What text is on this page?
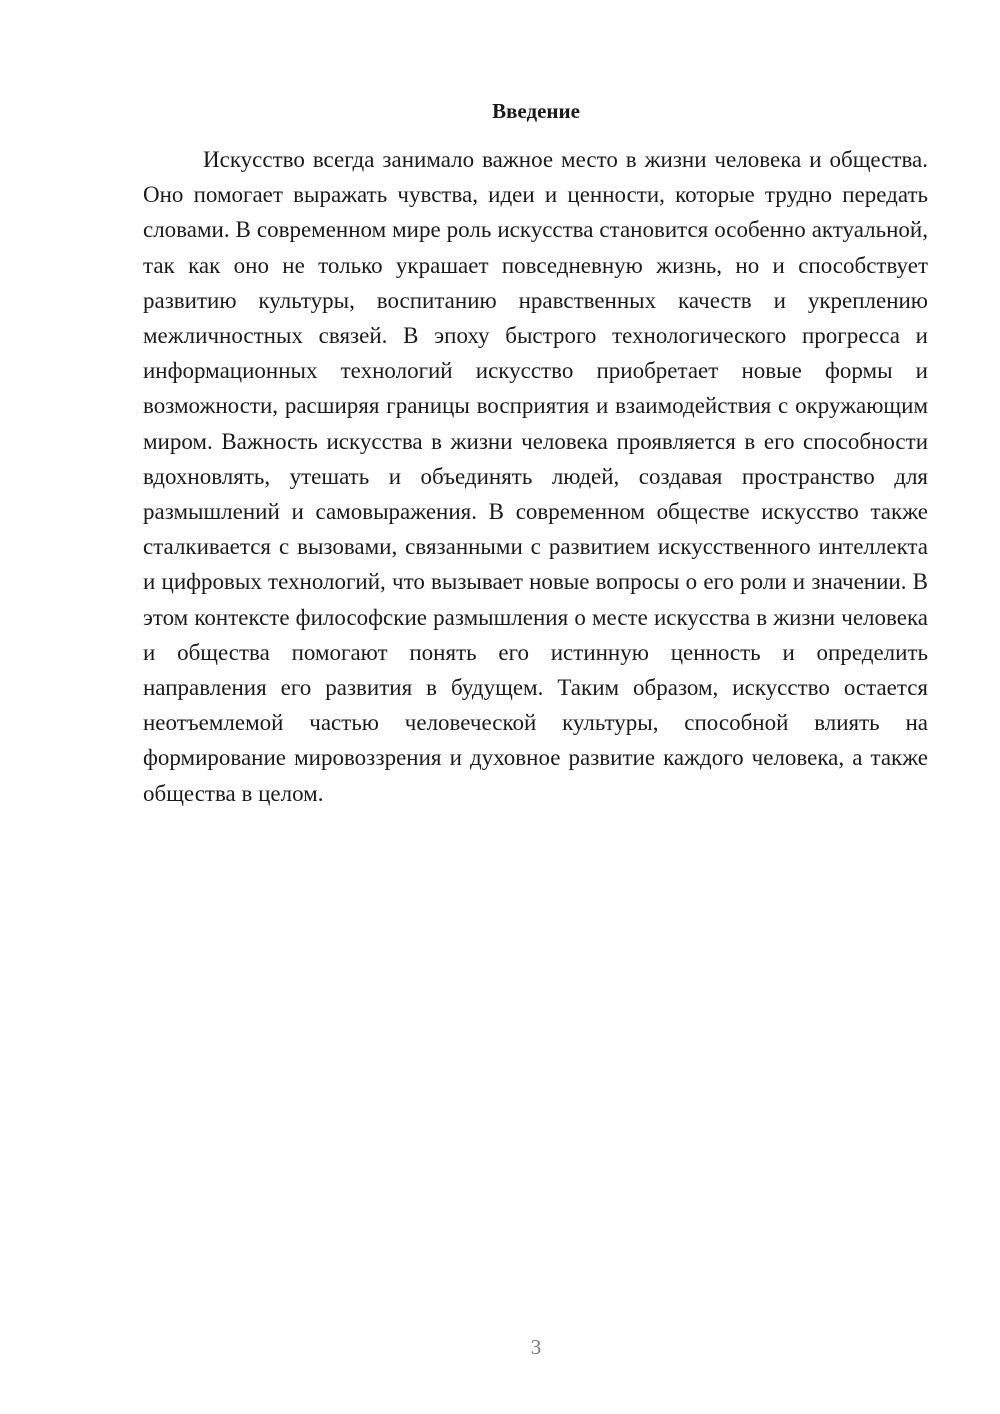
Введение

Искусство всегда занимало важное место в жизни человека и общества. Оно помогает выражать чувства, идеи и ценности, которые трудно передать словами. В современном мире роль искусства становится особенно актуальной, так как оно не только украшает повседневную жизнь, но и способствует развитию культуры, воспитанию нравственных качеств и укреплению межличностных связей. В эпоху быстрого технологического прогресса и информационных технологий искусство приобретает новые формы и возможности, расширяя границы восприятия и взаимодействия с окружающим миром. Важность искусства в жизни человека проявляется в его способности вдохновлять, утешать и объединять людей, создавая пространство для размышлений и самовыражения. В современном обществе искусство также сталкивается с вызовами, связанными с развитием искусственного интеллекта и цифровых технологий, что вызывает новые вопросы о его роли и значении. В этом контексте философские размышления о месте искусства в жизни человека и общества помогают понять его истинную ценность и определить направления его развития в будущем. Таким образом, искусство остается неотъемлемой частью человеческой культуры, способной влиять на формирование мировоззрения и духовное развитие каждого человека, а также общества в целом.

3
